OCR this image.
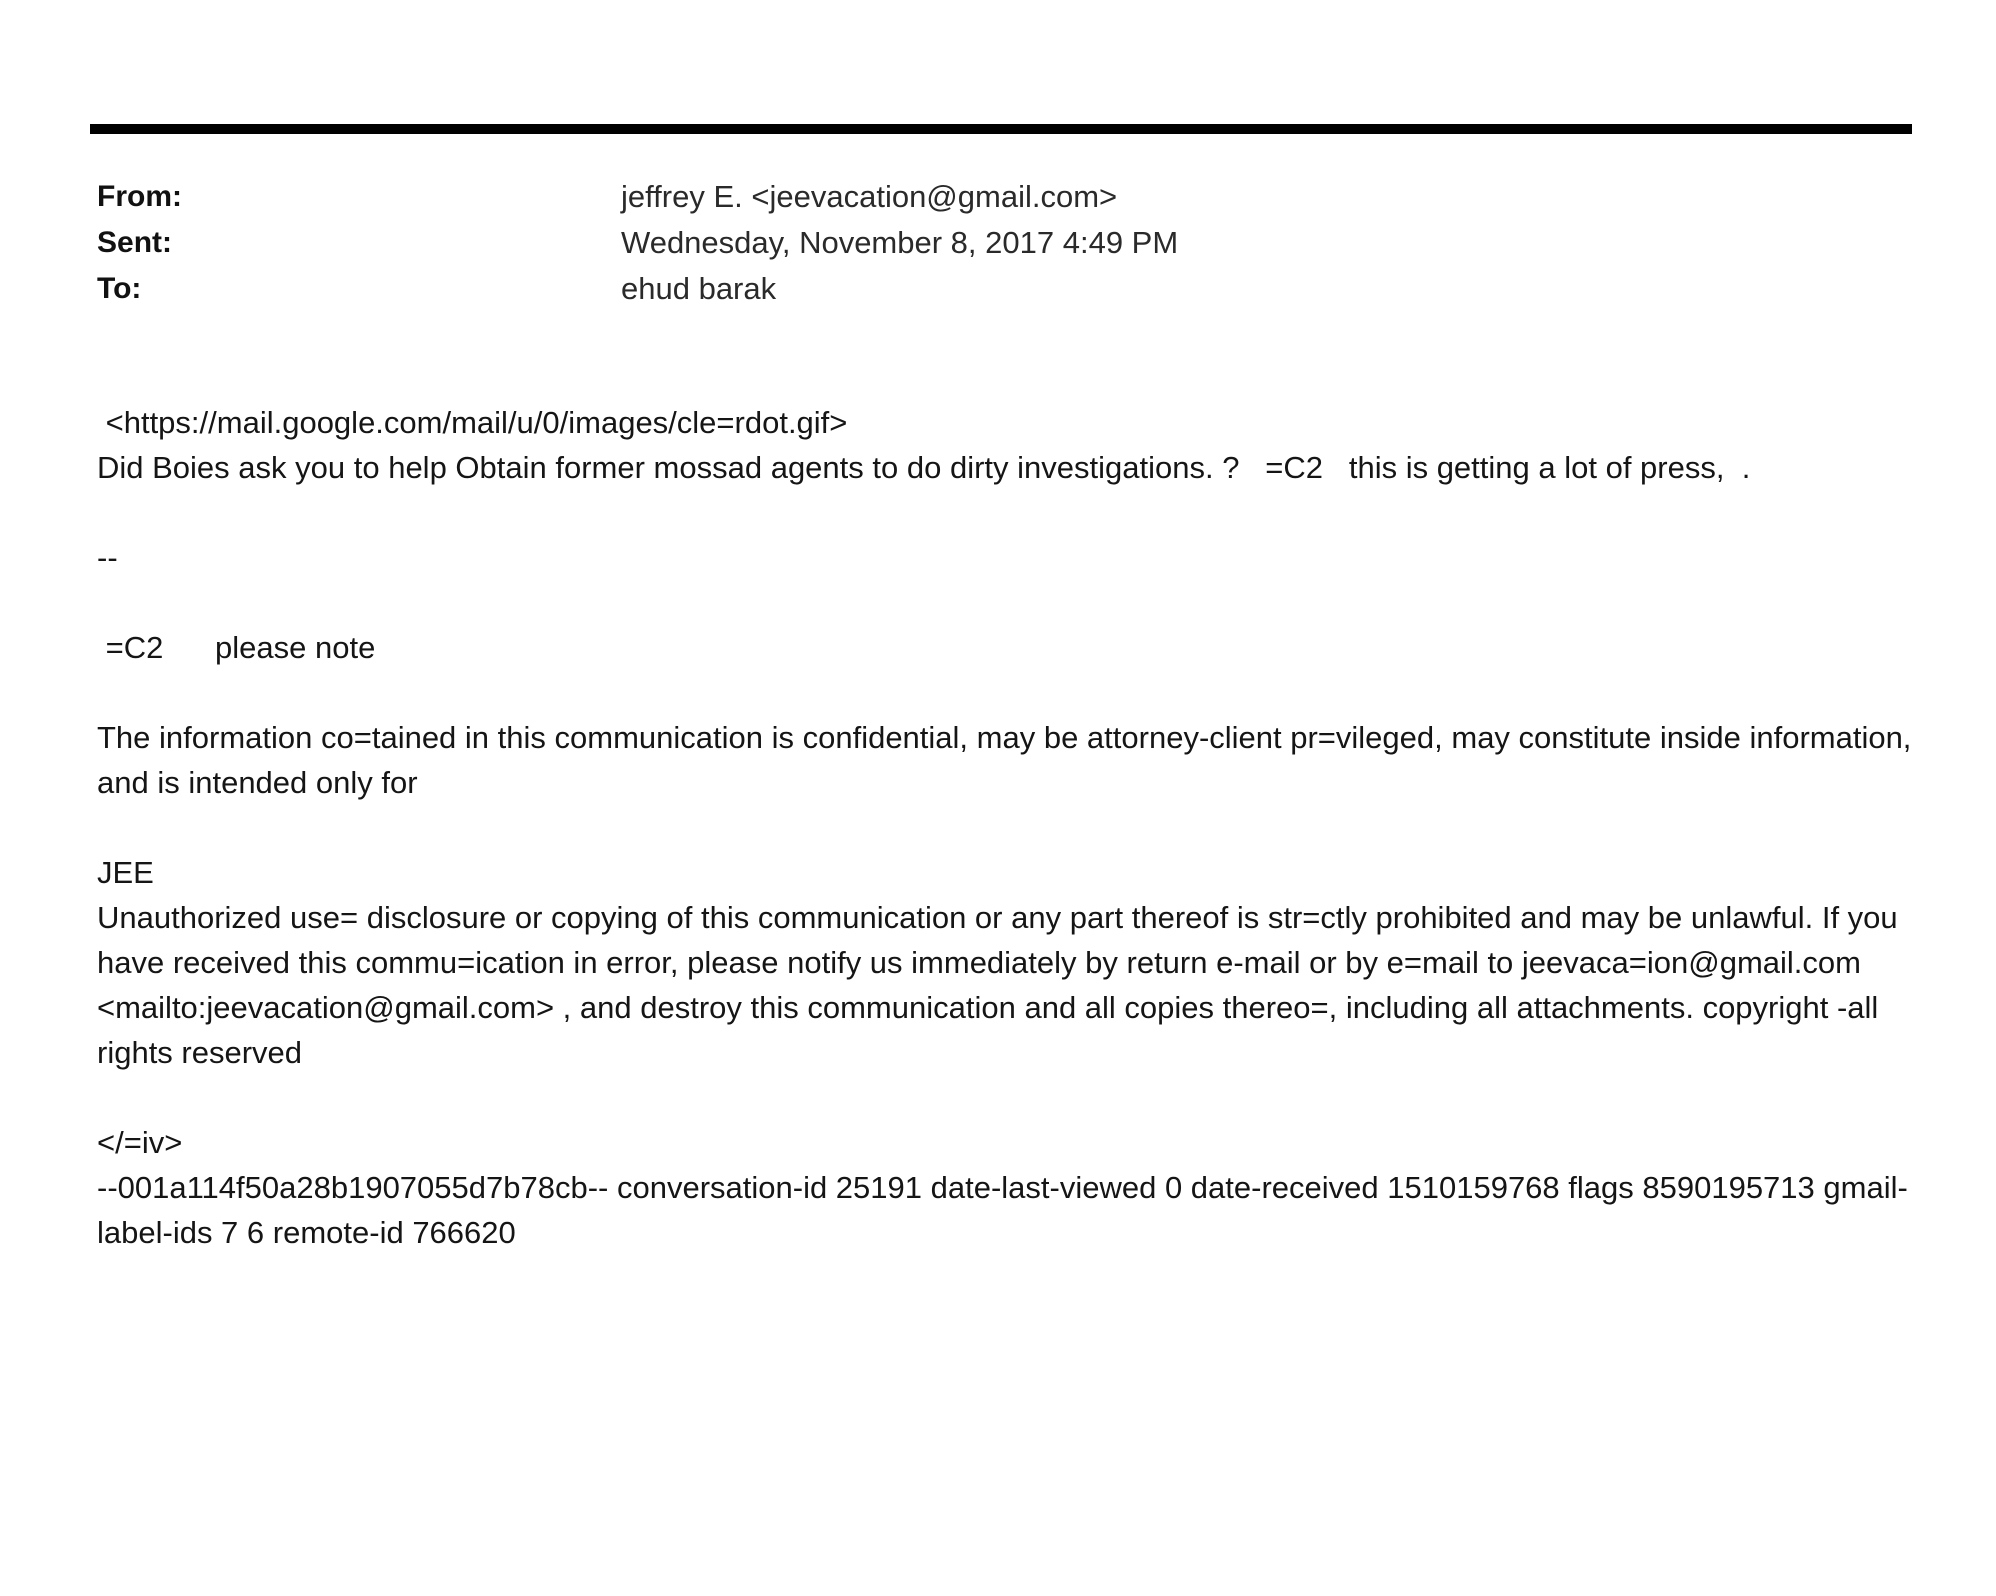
From:	jeffrey E. <jeevacation@gmail.com>
Sent:	Wednesday, November 8, 2017 4:49 PM
To:	ehud barak
<https://mail.google.com/mail/u/0/images/cle=rdot.gif>
Did Boies ask you to help Obtain former mossad agents to do dirty investigations. ?   =C2   this is getting a lot of press,  .
--
=C2      please note
The information co=tained in this communication is confidential, may be attorney-client pr=vileged, may constitute inside information, and is intended only for
JEE
Unauthorized use= disclosure or copying of this communication or any part thereof is str=ctly prohibited and may be unlawful. If you have received this commu=ication in error, please notify us immediately by return e-mail or by e=mail to jeevaca=ion@gmail.com <mailto:jeevacation@gmail.com> , and destroy this communication and all copies thereo=, including all attachments. copyright -all rights reserved
</=iv>
--001a114f50a28b1907055d7b78cb-- conversation-id 25191 date-last-viewed 0 date-received 1510159768 flags 8590195713 gmail-label-ids 7 6 remote-id 766620
